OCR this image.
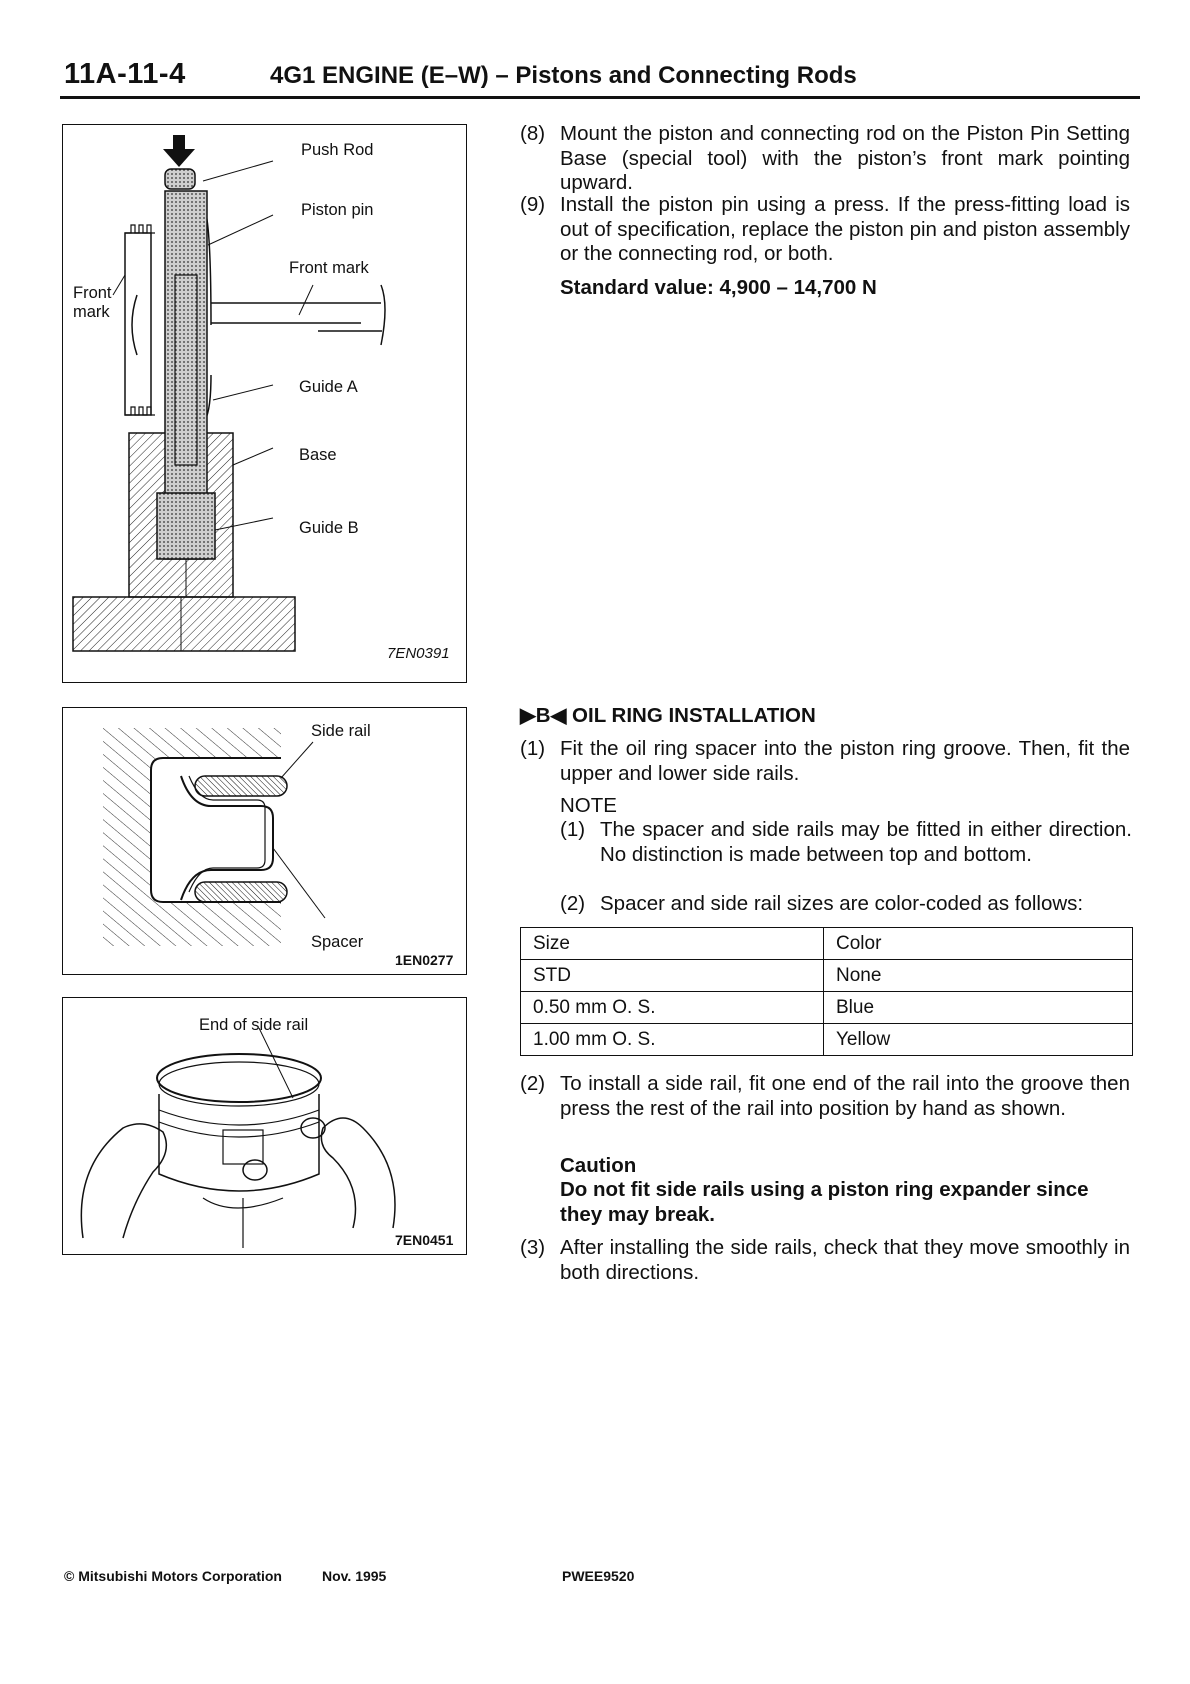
11A-11-4	4G1 ENGINE (E–W) – Pistons and Connecting Rods
Push Rod
Piston pin
Front mark
Front
mark
Guide A
Base
Guide B
7EN0391
(8) Mount the piston and connecting rod on the Piston Pin Setting Base (special tool) with the piston’s front mark pointing upward.
(9) Install the piston pin using a press. If the press-fitting load is out of specification, replace the piston pin and piston assembly or the connecting rod, or both.
Standard value: 4,900 – 14,700 N
Side rail
Spacer
1EN0277
End of side rail
7EN0451
▶B◀ OIL RING INSTALLATION
(1) Fit the oil ring spacer into the piston ring groove. Then, fit the upper and lower side rails.
NOTE
(1) The spacer and side rails may be fitted in either direction. No distinction is made between top and bottom.
(2) Spacer and side rail sizes are color-coded as follows:
Size	Color
STD	None
0.50 mm O. S.	Blue
1.00 mm O. S.	Yellow
(2) To install a side rail, fit one end of the rail into the groove then press the rest of the rail into position by hand as shown.
Caution
Do not fit side rails using a piston ring expander since they may break.
(3) After installing the side rails, check that they move smoothly in both directions.
© Mitsubishi Motors Corporation	Nov. 1995	PWEE9520
